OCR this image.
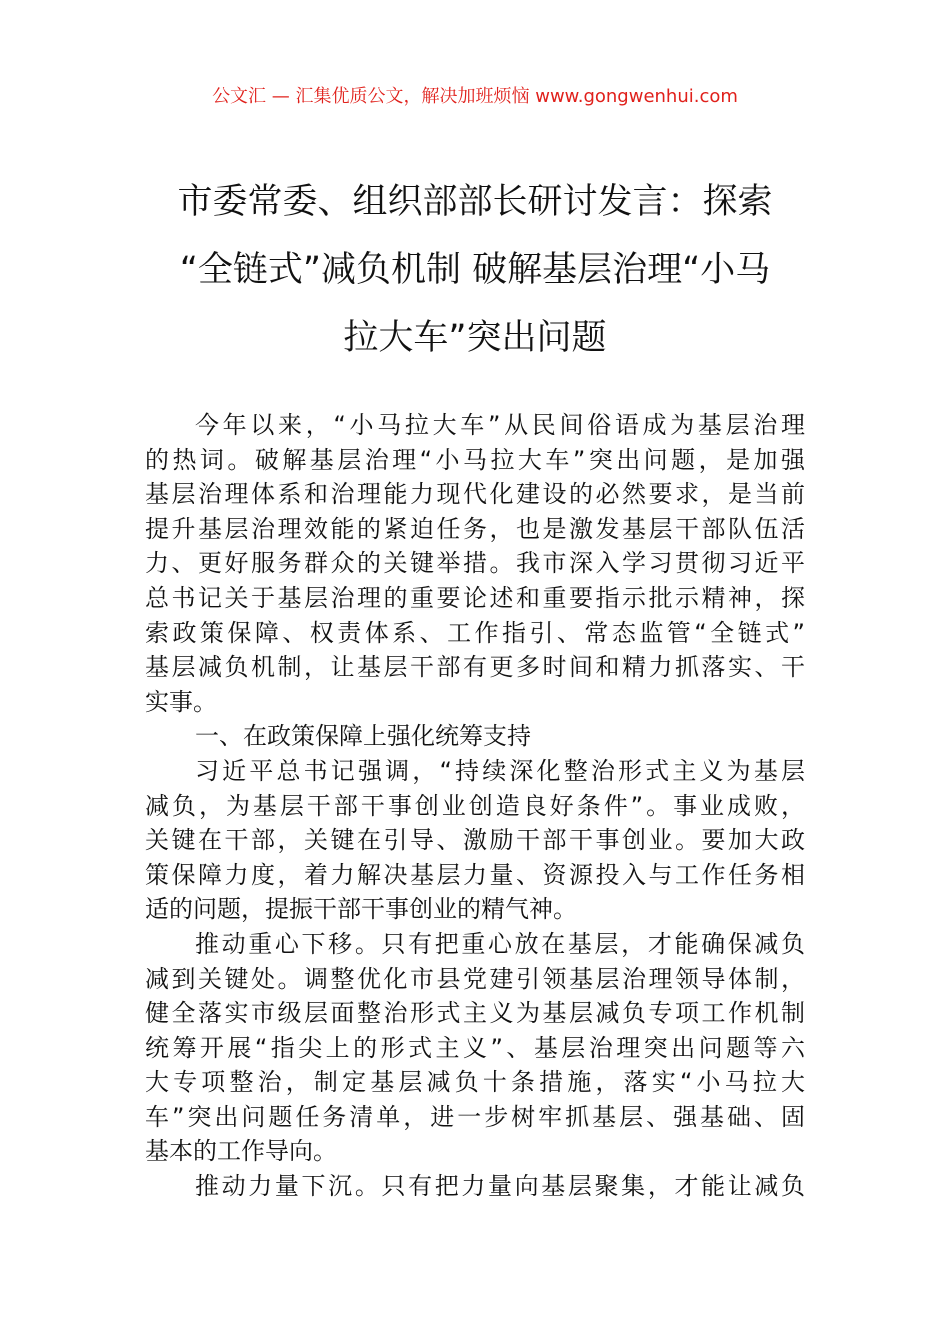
公文汇 — 汇集优质公文，解决加班烦恼 www.gongwenhui.com
市委常委、组织部部长研讨发言：探索
“全链式”减负机制 破解基层治理“小马
拉大车”突出问题
今年以来，“小马拉大车”从民间俗语成为基层治理
的热词。破解基层治理“小马拉大车”突出问题，是加强
基层治理体系和治理能力现代化建设的必然要求，是当前
提升基层治理效能的紧迫任务，也是激发基层干部队伍活
力、更好服务群众的关键举措。我市深入学习贯彻习近平
总书记关于基层治理的重要论述和重要指示批示精神，探
索政策保障、权责体系、工作指引、常态监管“全链式”
基层减负机制，让基层干部有更多时间和精力抓落实、干
实事。
一、在政策保障上强化统筹支持
习近平总书记强调，“持续深化整治形式主义为基层
减负，为基层干部干事创业创造良好条件”。事业成败，
关键在干部，关键在引导、激励干部干事创业。要加大政
策保障力度，着力解决基层力量、资源投入与工作任务相
适的问题，提振干部干事创业的精气神。
推动重心下移。只有把重心放在基层，才能确保减负
减到关键处。调整优化市县党建引领基层治理领导体制，
健全落实市级层面整治形式主义为基层减负专项工作机制
统筹开展“指尖上的形式主义”、基层治理突出问题等六
大专项整治，制定基层减负十条措施，落实“小马拉大
车”突出问题任务清单，进一步树牢抓基层、强基础、固
基本的工作导向。
推动力量下沉。只有把力量向基层聚集，才能让减负
